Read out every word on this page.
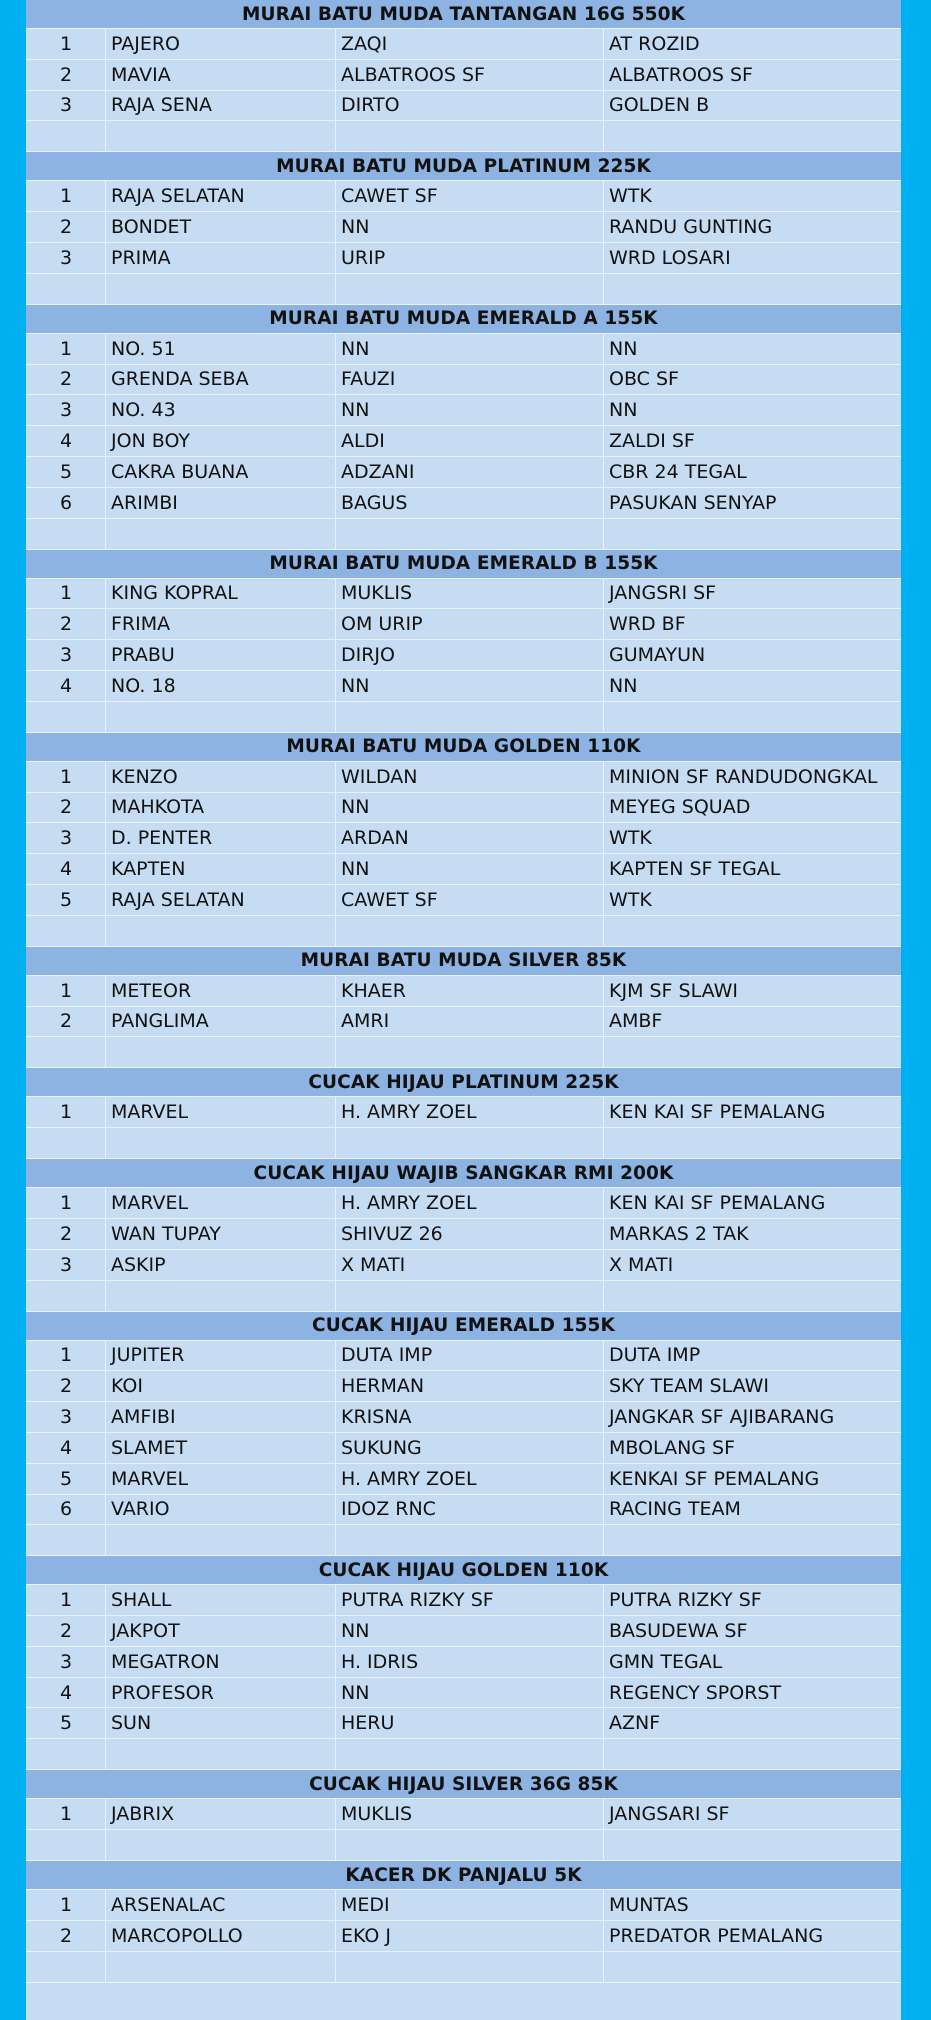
MURAI BATU MUDA TANTANGAN 16G 550K
1	PAJERO	ZAQI	AT ROZID
2	MAVIA	ALBATROOS SF	ALBATROOS SF
3	RAJA SENA	DIRTO	GOLDEN B
MURAI BATU MUDA PLATINUM 225K
1	RAJA SELATAN	CAWET SF	WTK
2	BONDET	NN	RANDU GUNTING
3	PRIMA	URIP	WRD LOSARI
MURAI BATU MUDA EMERALD A 155K
1	NO. 51	NN	NN
2	GRENDA SEBA	FAUZI	OBC SF
3	NO. 43	NN	NN
4	JON BOY	ALDI	ZALDI SF
5	CAKRA BUANA	ADZANI	CBR 24 TEGAL
6	ARIMBI	BAGUS	PASUKAN SENYAP
MURAI BATU MUDA EMERALD B 155K
1	KING KOPRAL	MUKLIS	JANGSRI SF
2	FRIMA	OM URIP	WRD BF
3	PRABU	DIRJO	GUMAYUN
4	NO. 18	NN	NN
MURAI BATU MUDA GOLDEN 110K
1	KENZO	WILDAN	MINION SF RANDUDONGKAL
2	MAHKOTA	NN	MEYEG SQUAD
3	D. PENTER	ARDAN	WTK
4	KAPTEN	NN	KAPTEN SF TEGAL
5	RAJA SELATAN	CAWET SF	WTK
MURAI BATU MUDA SILVER 85K
1	METEOR	KHAER	KJM SF SLAWI
2	PANGLIMA	AMRI	AMBF
CUCAK HIJAU PLATINUM 225K
1	MARVEL	H. AMRY ZOEL	KEN KAI SF PEMALANG
CUCAK HIJAU WAJIB SANGKAR RMI 200K
1	MARVEL	H. AMRY ZOEL	KEN KAI SF PEMALANG
2	WAN TUPAY	SHIVUZ 26	MARKAS 2 TAK
3	ASKIP	X MATI	X MATI
CUCAK HIJAU EMERALD 155K
1	JUPITER	DUTA IMP	DUTA IMP
2	KOI	HERMAN	SKY TEAM SLAWI
3	AMFIBI	KRISNA	JANGKAR SF AJIBARANG
4	SLAMET	SUKUNG	MBOLANG SF
5	MARVEL	H. AMRY ZOEL	KENKAI SF PEMALANG
6	VARIO	IDOZ RNC	RACING TEAM
CUCAK HIJAU GOLDEN 110K
1	SHALL	PUTRA RIZKY SF	PUTRA RIZKY SF
2	JAKPOT	NN	BASUDEWA SF
3	MEGATRON	H. IDRIS	GMN TEGAL
4	PROFESOR	NN	REGENCY SPORST
5	SUN	HERU	AZNF
CUCAK HIJAU SILVER 36G 85K
1	JABRIX	MUKLIS	JANGSARI SF
KACER DK PANJALU 5K
1	ARSENALAC	MEDI	MUNTAS
2	MARCOPOLLO	EKO J	PREDATOR PEMALANG
